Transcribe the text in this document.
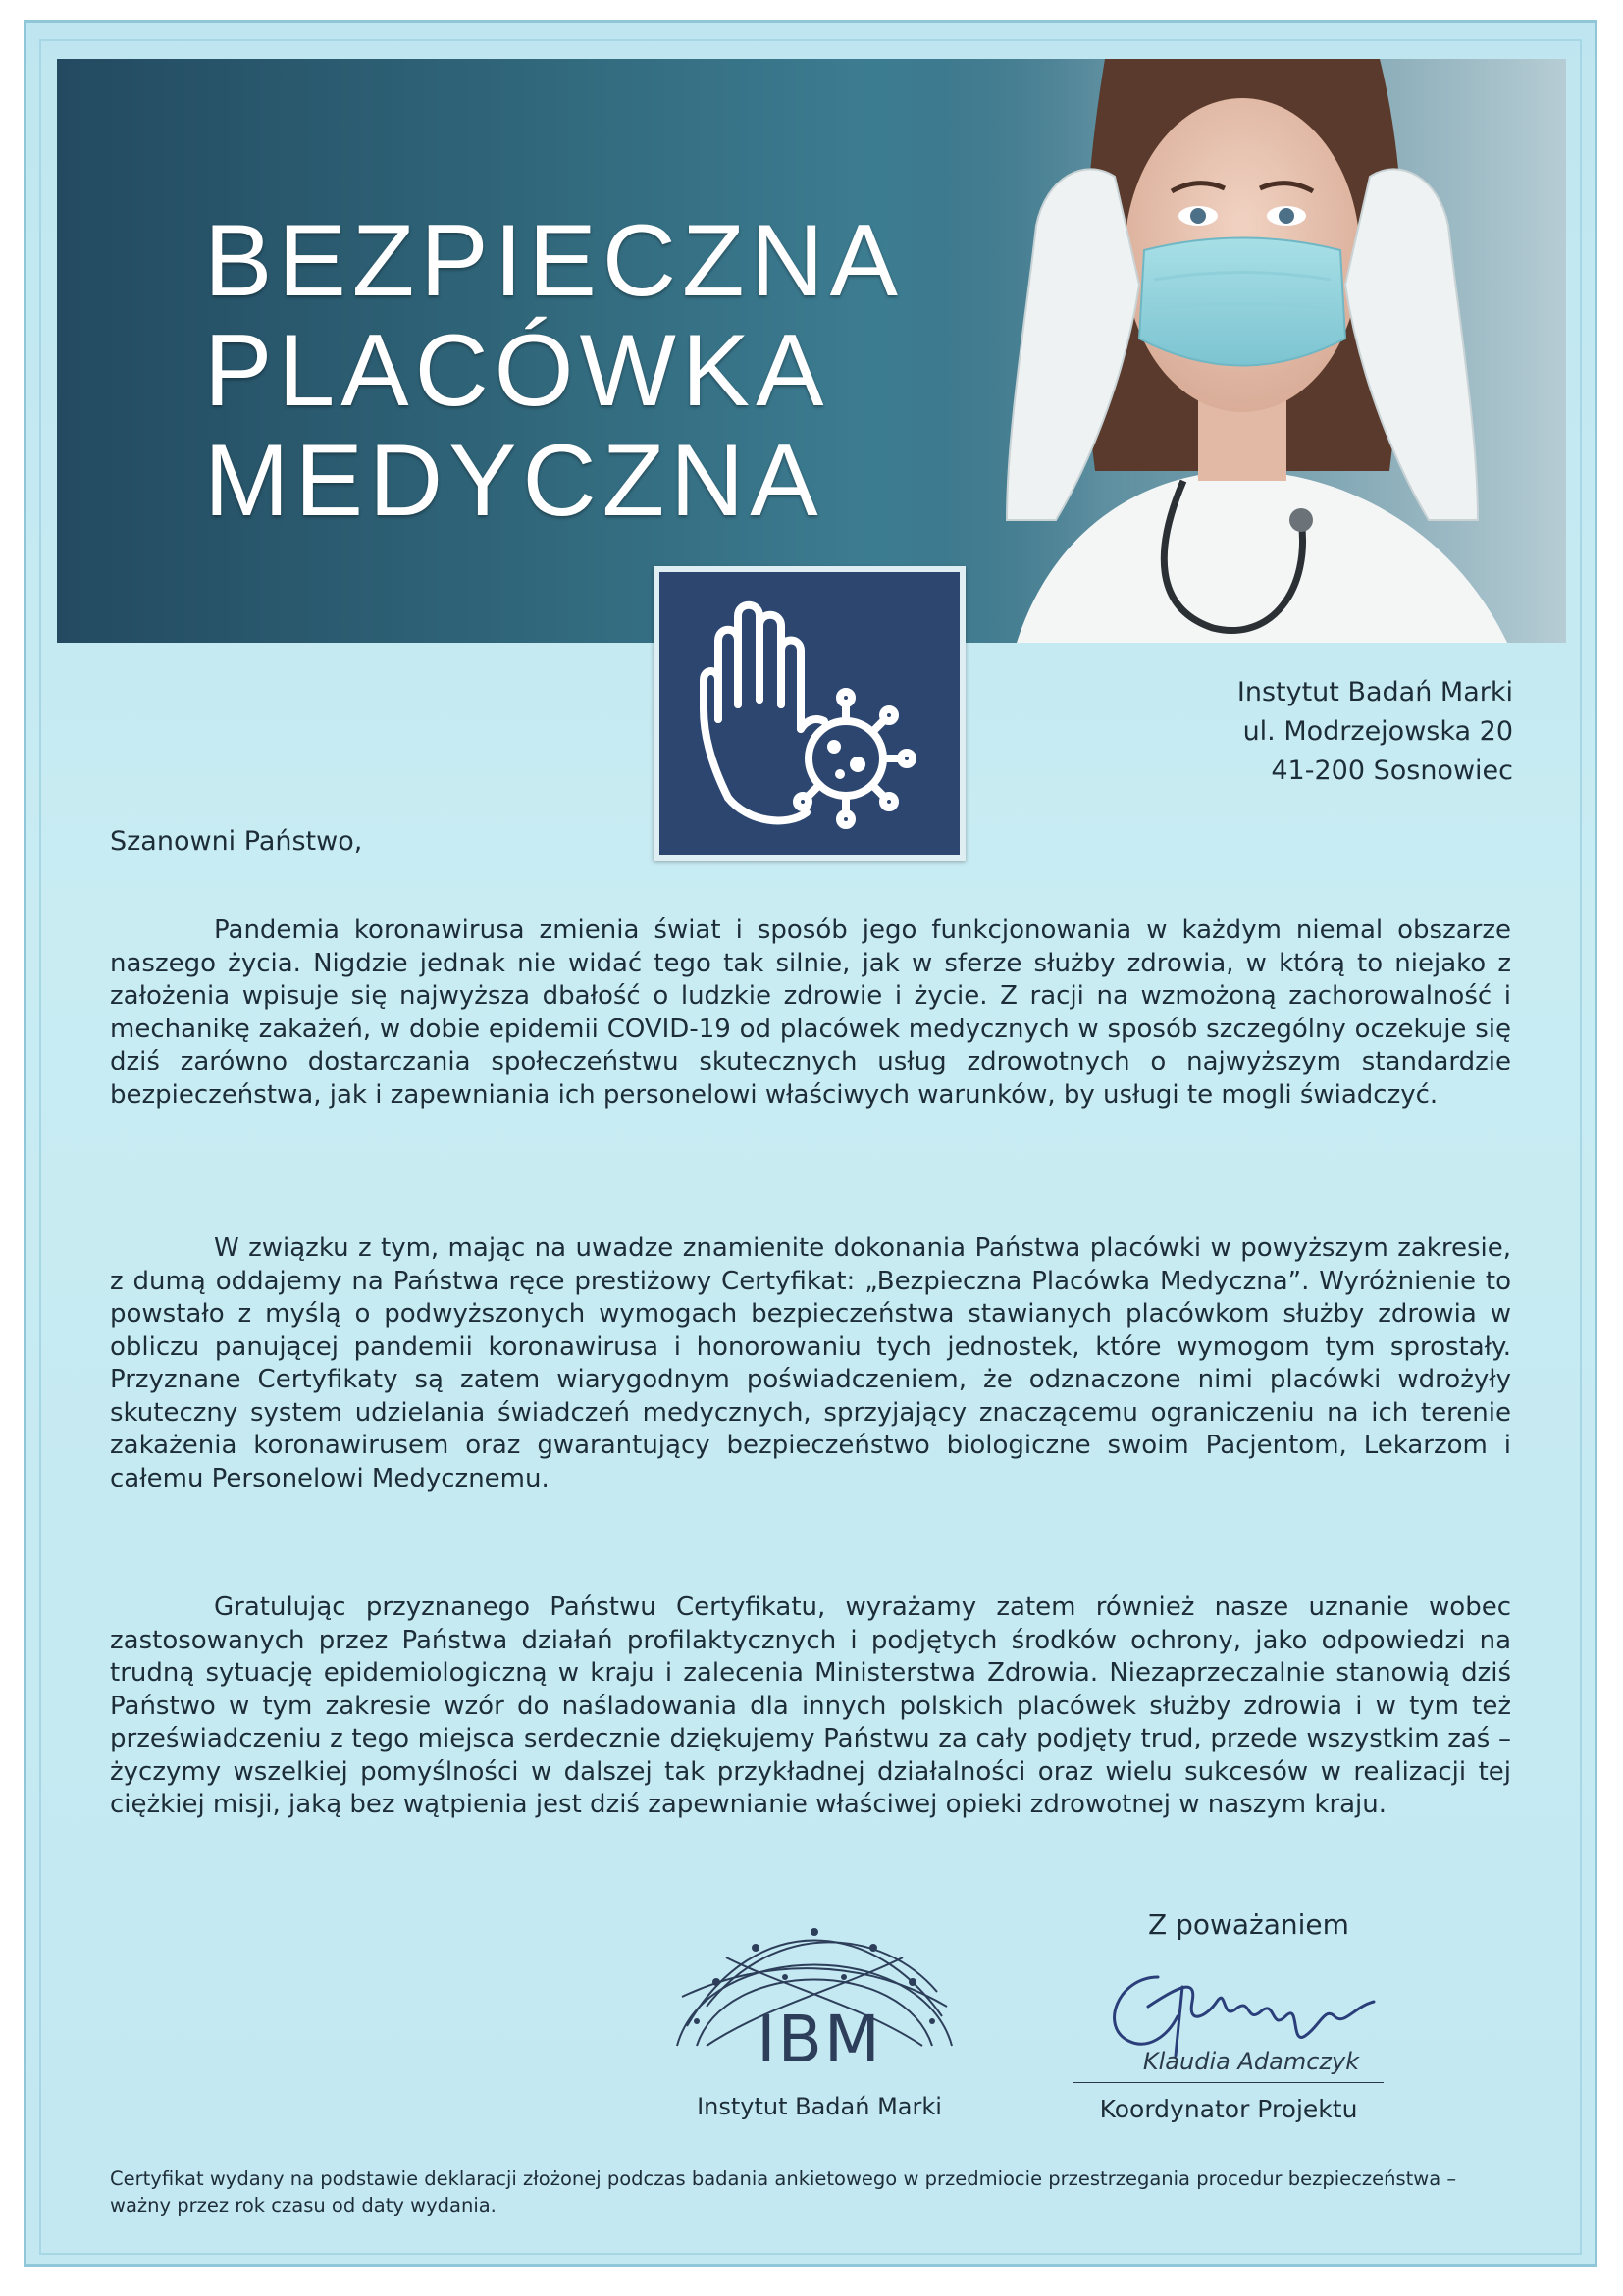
BEZPIECZNA
PLACÓWKA
MEDYCZNA
Instytut Badań Marki
ul. Modrzejowska 20
41-200 Sosnowiec
Szanowni Państwo,

Pandemia koronawirusa zmienia świat i sposób jego funkcjonowania w każdym niemal obszarze naszego życia. Nigdzie jednak nie widać tego tak silnie, jak w sferze służby zdrowia, w którą to niejako z założenia wpisuje się najwyższa dbałość o ludzkie zdrowie i życie. Z racji na wzmożoną zachorowalność i mechanikę zakażeń, w dobie epidemii COVID-19 od placówek medycznych w sposób szczególny oczekuje się dziś zarówno dostarczania społeczeństwu skutecznych usług zdrowotnych o najwyższym standardzie bezpieczeństwa, jak i zapewniania ich personelowi właściwych warunków, by usługi te mogli świadczyć.

W związku z tym, mając na uwadze znamienite dokonania Państwa placówki w powyższym zakresie, z dumą oddajemy na Państwa ręce prestiżowy Certyfikat: „Bezpieczna Placówka Medyczna”. Wyróżnienie to powstało z myślą o podwyższonych wymogach bezpieczeństwa stawianych placówkom służby zdrowia w obliczu panującej pandemii koronawirusa i honorowaniu tych jednostek, które wymogom tym sprostały. Przyznane Certyfikaty są zatem wiarygodnym poświadczeniem, że odznaczone nimi placówki wdrożyły skuteczny system udzielania świadczeń medycznych, sprzyjający znaczącemu ograniczeniu na ich terenie zakażenia koronawirusem oraz gwarantujący bezpieczeństwo biologiczne swoim Pacjentom, Lekarzom i całemu Personelowi Medycznemu.

Gratulując przyznanego Państwu Certyfikatu, wyrażamy zatem również nasze uznanie wobec zastosowanych przez Państwa działań profilaktycznych i podjętych środków ochrony, jako odpowiedzi na trudną sytuację epidemiologiczną w kraju i zalecenia Ministerstwa Zdrowia. Niezaprzeczalnie stanowią dziś Państwo w tym zakresie wzór do naśladowania dla innych polskich placówek służby zdrowia i w tym też przeświadczeniu z tego miejsca serdecznie dziękujemy Państwu za cały podjęty trud, przede wszystkim zaś – życzymy wszelkiej pomyślności w dalszej tak przykładnej działalności oraz wielu sukcesów w realizacji tej ciężkiej misji, jaką bez wątpienia jest dziś zapewnianie właściwej opieki zdrowotnej w naszym kraju.

IBM
Instytut Badań Marki
Z poważaniem
Klaudia Adamczyk
Koordynator Projektu
Certyfikat wydany na podstawie deklaracji złożonej podczas badania ankietowego w przedmiocie przestrzegania procedur bezpieczeństwa – ważny przez rok czasu od daty wydania.
